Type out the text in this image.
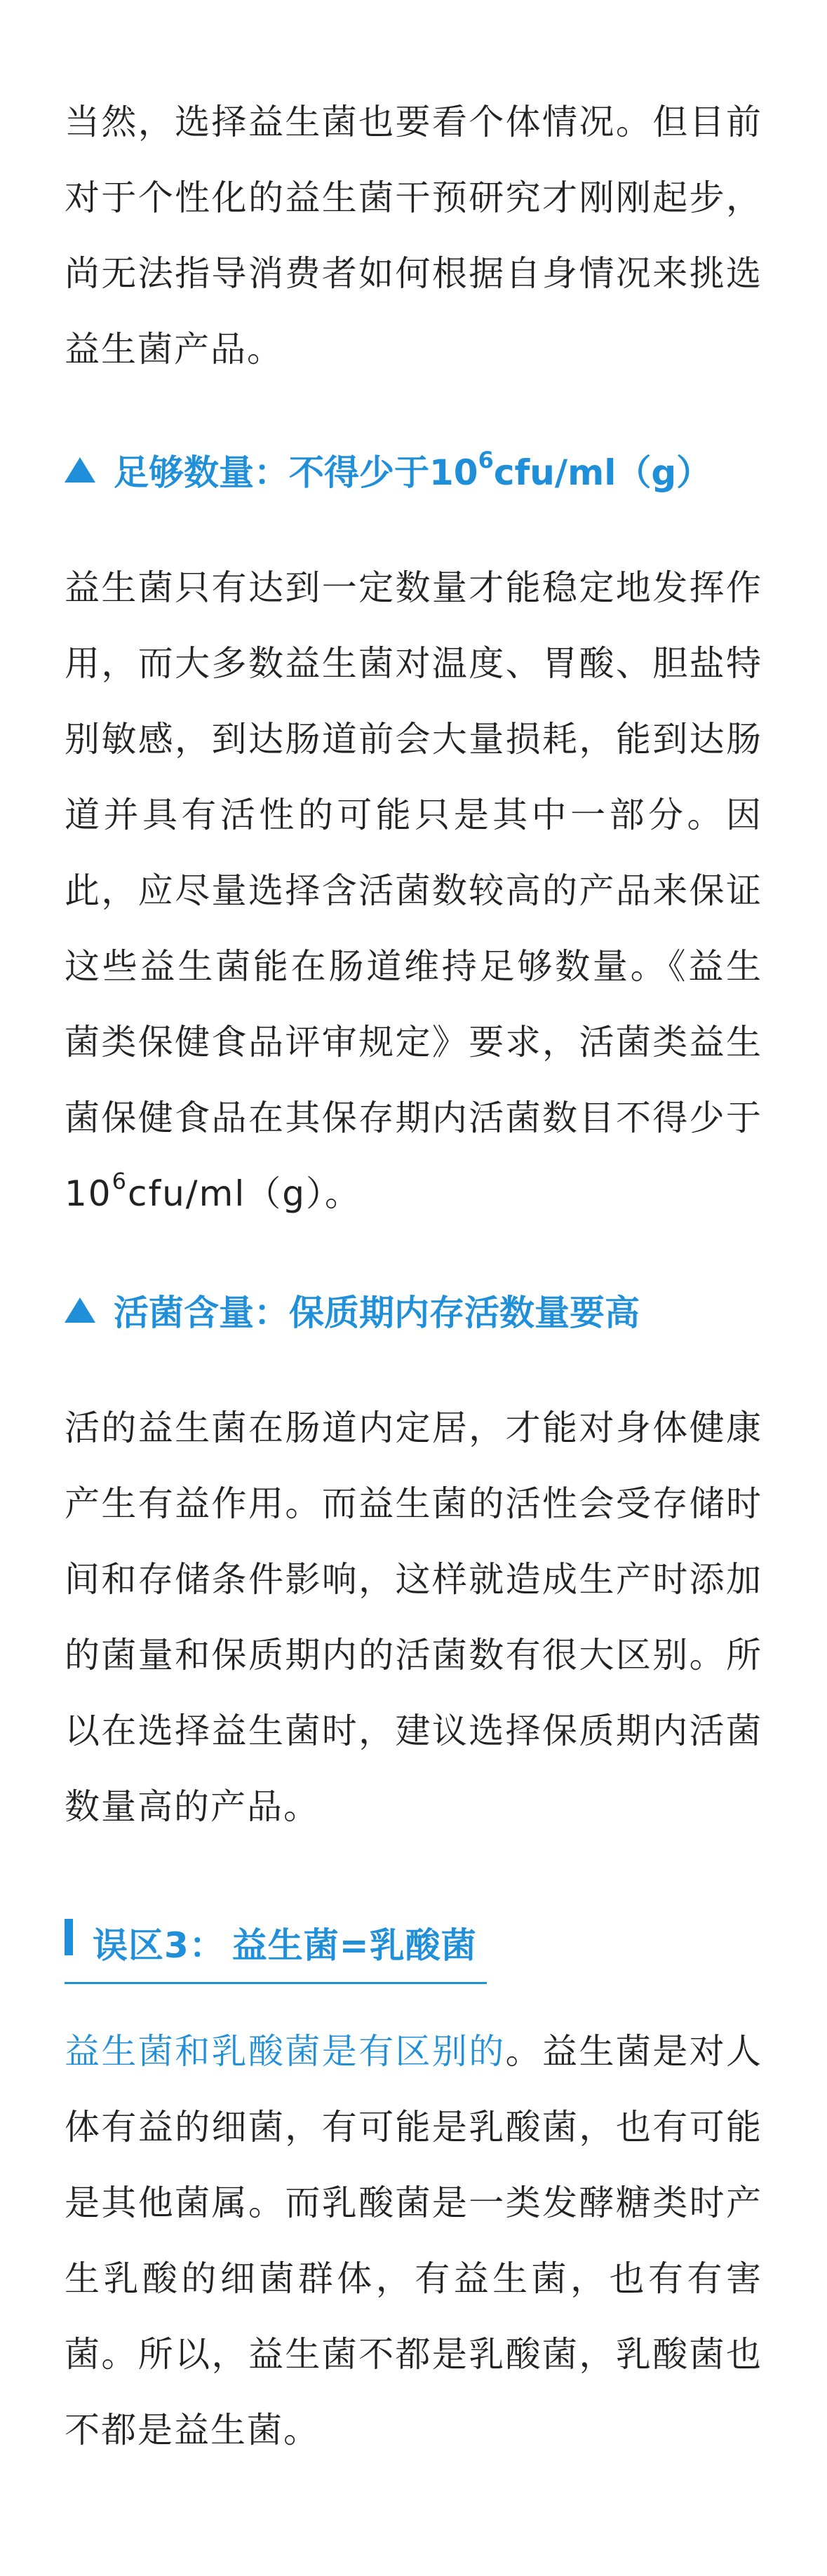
当然，选择益生菌也要看个体情况。但目前对于个性化的益生菌干预研究才刚刚起步，尚无法指导消费者如何根据自身情况来挑选益生菌产品。

足够数量：不得少于$10^6cfu/ml(g)$

益生菌只有达到一定数量才能稳定地发挥作用，而大多数益生菌对温度、胃酸、胆盐特别敏感，到达肠道前会大量损耗，能到达肠道并具有活性的可能只是其中一部分。因此，应尽量选择含活菌数较高的产品来保证这些益生菌能在肠道维持足够数量。《益生菌类保健食品评审规定》要求，活菌类益生菌保健食品在其保存期内活菌数目不得少于$10^6cfu/ml(g)$。

活菌含量：保质期内存活数量要高

活的益生菌在肠道内定居，才能对身体健康产生有益作用。而益生菌的活性会受存储时间和存储条件影响，这样就造成生产时添加的菌量和保质期内的活菌数有很大区别。所以在选择益生菌时，建议选择保质期内活菌数量高的产品。

误区3： 益生菌=乳酸菌

益生菌和乳酸菌是有区别的。益生菌是对人体有益的细菌，有可能是乳酸菌，也有可能是其他菌属。而乳酸菌是一类发酵糖类时产生乳酸的细菌群体，有益生菌，也有有害菌。所以，益生菌不都是乳酸菌，乳酸菌也不都是益生菌。
